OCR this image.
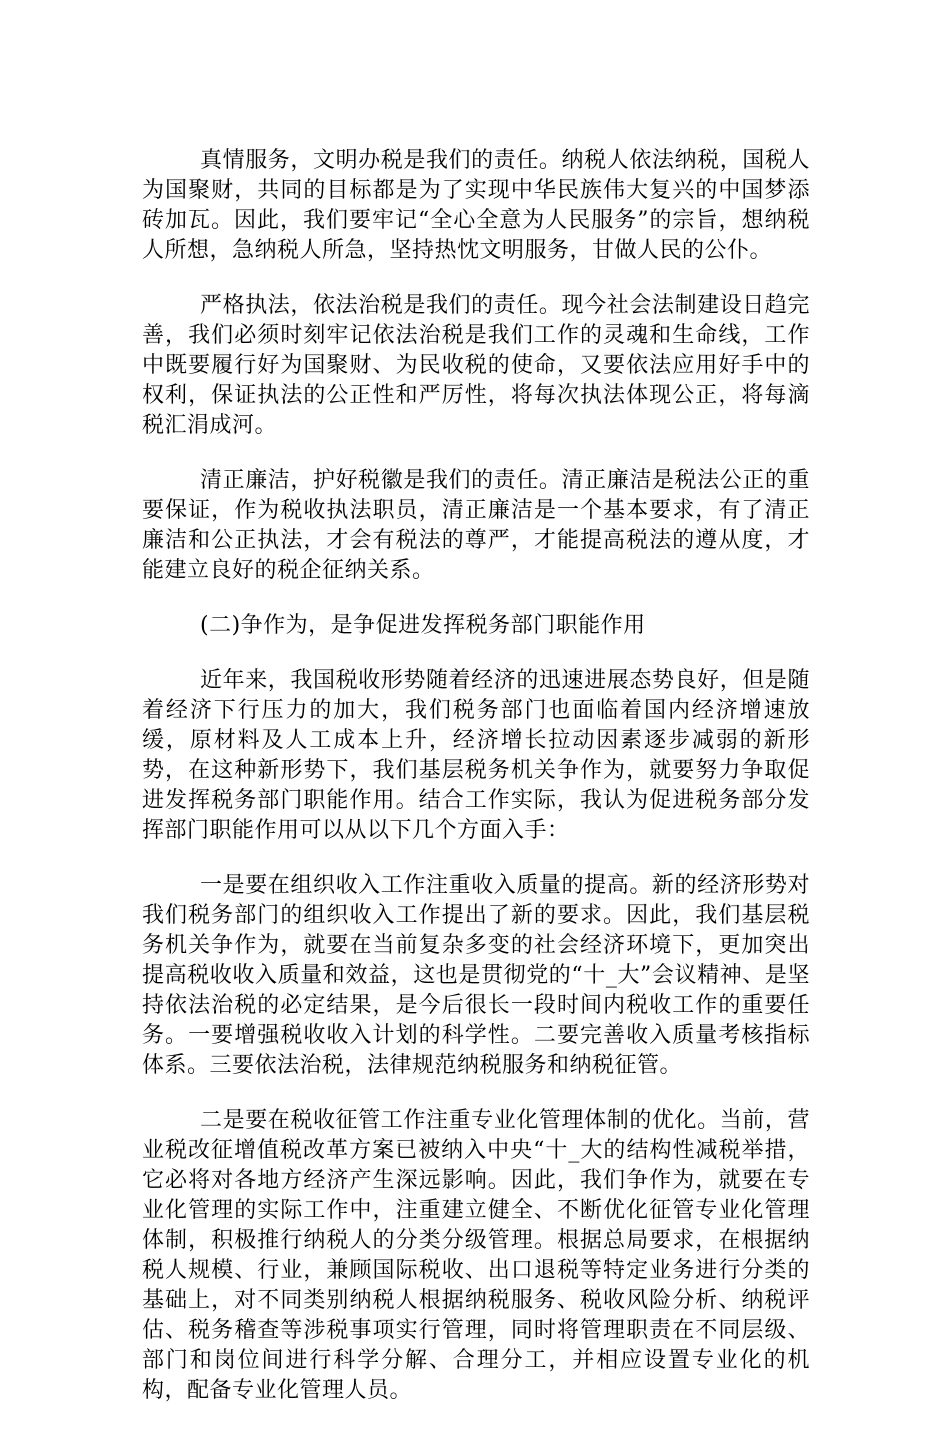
真情服务，文明办税是我们的责任。纳税人依法纳税，国税人为国聚财，共同的目标都是为了实现中华民族伟大复兴的中国梦添砖加瓦。因此，我们要牢记“全心全意为人民服务”的宗旨，想纳税人所想，急纳税人所急，坚持热忱文明服务，甘做人民的公仆。

严格执法，依法治税是我们的责任。现今社会法制建设日趋完善，我们必须时刻牢记依法治税是我们工作的灵魂和生命线，工作中既要履行好为国聚财、为民收税的使命，又要依法应用好手中的权利，保证执法的公正性和严厉性，将每次执法体现公正，将每滴税汇涓成河。

清正廉洁，护好税徽是我们的责任。清正廉洁是税法公正的重要保证，作为税收执法职员，清正廉洁是一个基本要求，有了清正廉洁和公正执法，才会有税法的尊严，才能提高税法的遵从度，才能建立良好的税企征纳关系。

(二)争作为，是争促进发挥税务部门职能作用

近年来，我国税收形势随着经济的迅速进展态势良好，但是随着经济下行压力的加大，我们税务部门也面临着国内经济增速放缓，原材料及人工成本上升，经济增长拉动因素逐步减弱的新形势，在这种新形势下，我们基层税务机关争作为，就要努力争取促进发挥税务部门职能作用。结合工作实际，我认为促进税务部分发挥部门职能作用可以从以下几个方面入手：

一是要在组织收入工作注重收入质量的提高。新的经济形势对我们税务部门的组织收入工作提出了新的要求。因此，我们基层税务机关争作为，就要在当前复杂多变的社会经济环境下，更加突出提高税收收入质量和效益，这也是贯彻党的“十_大”会议精神、是坚持依法治税的必定结果，是今后很长一段时间内税收工作的重要任务。一要增强税收收入计划的科学性。二要完善收入质量考核指标体系。三要依法治税，法律规范纳税服务和纳税征管。

二是要在税收征管工作注重专业化管理体制的优化。当前，营业税改征增值税改革方案已被纳入中央“十_大的结构性减税举措，它必将对各地方经济产生深远影响。因此，我们争作为，就要在专业化管理的实际工作中，注重建立健全、不断优化征管专业化管理体制，积极推行纳税人的分类分级管理。根据总局要求，在根据纳税人规模、行业，兼顾国际税收、出口退税等特定业务进行分类的基础上，对不同类别纳税人根据纳税服务、税收风险分析、纳税评估、税务稽查等涉税事项实行管理，同时将管理职责在不同层级、部门和岗位间进行科学分解、合理分工，并相应设置专业化的机构，配备专业化管理人员。
